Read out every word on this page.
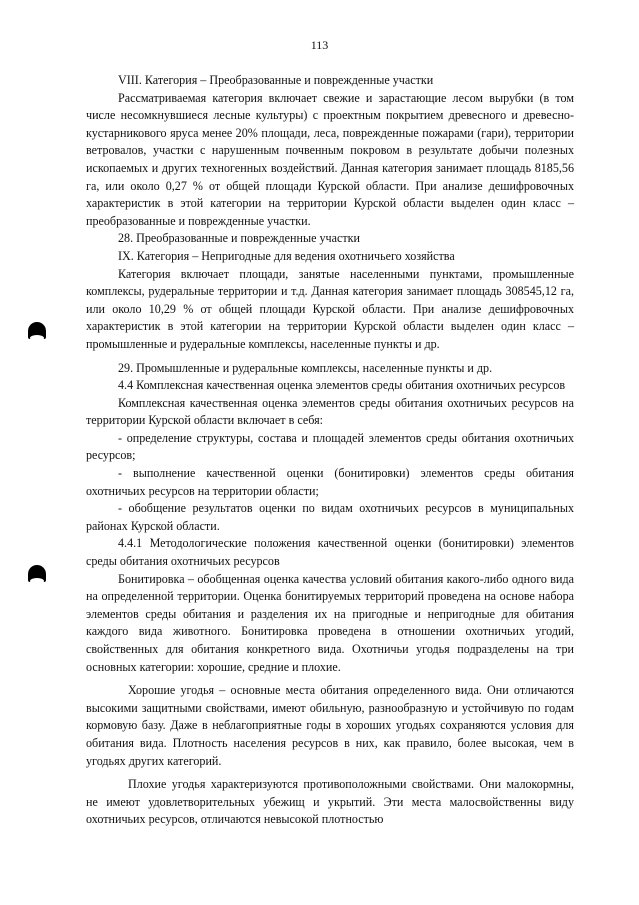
113

VIII. Категория – Преобразованные и поврежденные участки

Рассматриваемая категория включает свежие и зарастающие лесом вырубки (в том числе несомкнувшиеся лесные культуры) с проектным покрытием древесного и древесно-кустарникового яруса менее 20% площади, леса, поврежденные пожарами (гари), территории ветровалов, участки с нарушенным почвенным покровом в результате добычи полезных ископаемых и других техногенных воздействий. Данная категория занимает площадь 8185,56 га, или около 0,27 % от общей площади Курской области. При анализе дешифровочных характеристик в этой категории на территории Курской области выделен один класс – преобразованные и поврежденные участки.

28. Преобразованные и поврежденные участки

IX. Категория – Непригодные для ведения охотничьего хозяйства

Категория включает площади, занятые населенными пунктами, промышленные комплексы, рудеральные территории и т.д. Данная категория занимает площадь 308545,12 га, или около 10,29 % от общей площади Курской области. При анализе дешифровочных характеристик в этой категории на территории Курской области выделен один класс – промышленные и рудеральные комплексы, населенные пункты и др.

29. Промышленные и рудеральные комплексы, населенные пункты и др.

4.4 Комплексная качественная оценка элементов среды обитания охотничьих ресурсов

Комплексная качественная оценка элементов среды обитания охотничьих ресурсов на территории Курской области включает в себя:

- определение структуры, состава и площадей элементов среды обитания охотничьих ресурсов;

- выполнение качественной оценки (бонитировки) элементов среды обитания охотничьих ресурсов на территории области;

- обобщение результатов оценки по видам охотничьих ресурсов в муниципальных районах Курской области.

4.4.1 Методологические положения качественной оценки (бонитировки) элементов среды обитания охотничьих ресурсов

Бонитировка – обобщенная оценка качества условий обитания какого-либо одного вида на определенной территории. Оценка бонитируемых территорий проведена на основе набора элементов среды обитания и разделения их на пригодные и непригодные для обитания каждого вида животного. Бонитировка проведена в отношении охотничьих угодий, свойственных для обитания конкретного вида. Охотничьи угодья подразделены на три основных категории: хорошие, средние и плохие.

Хорошие угодья – основные места обитания определенного вида. Они отличаются высокими защитными свойствами, имеют обильную, разнообразную и устойчивую по годам кормовую базу. Даже в неблагоприятные годы в хороших угодьях сохраняются условия для обитания вида. Плотность населения ресурсов в них, как правило, более высокая, чем в угодьях других категорий.

Плохие угодья характеризуются противоположными свойствами. Они малокормны, не имеют удовлетворительных убежищ и укрытий. Эти места малосвойственны виду охотничьих ресурсов, отличаются невысокой плотностью
